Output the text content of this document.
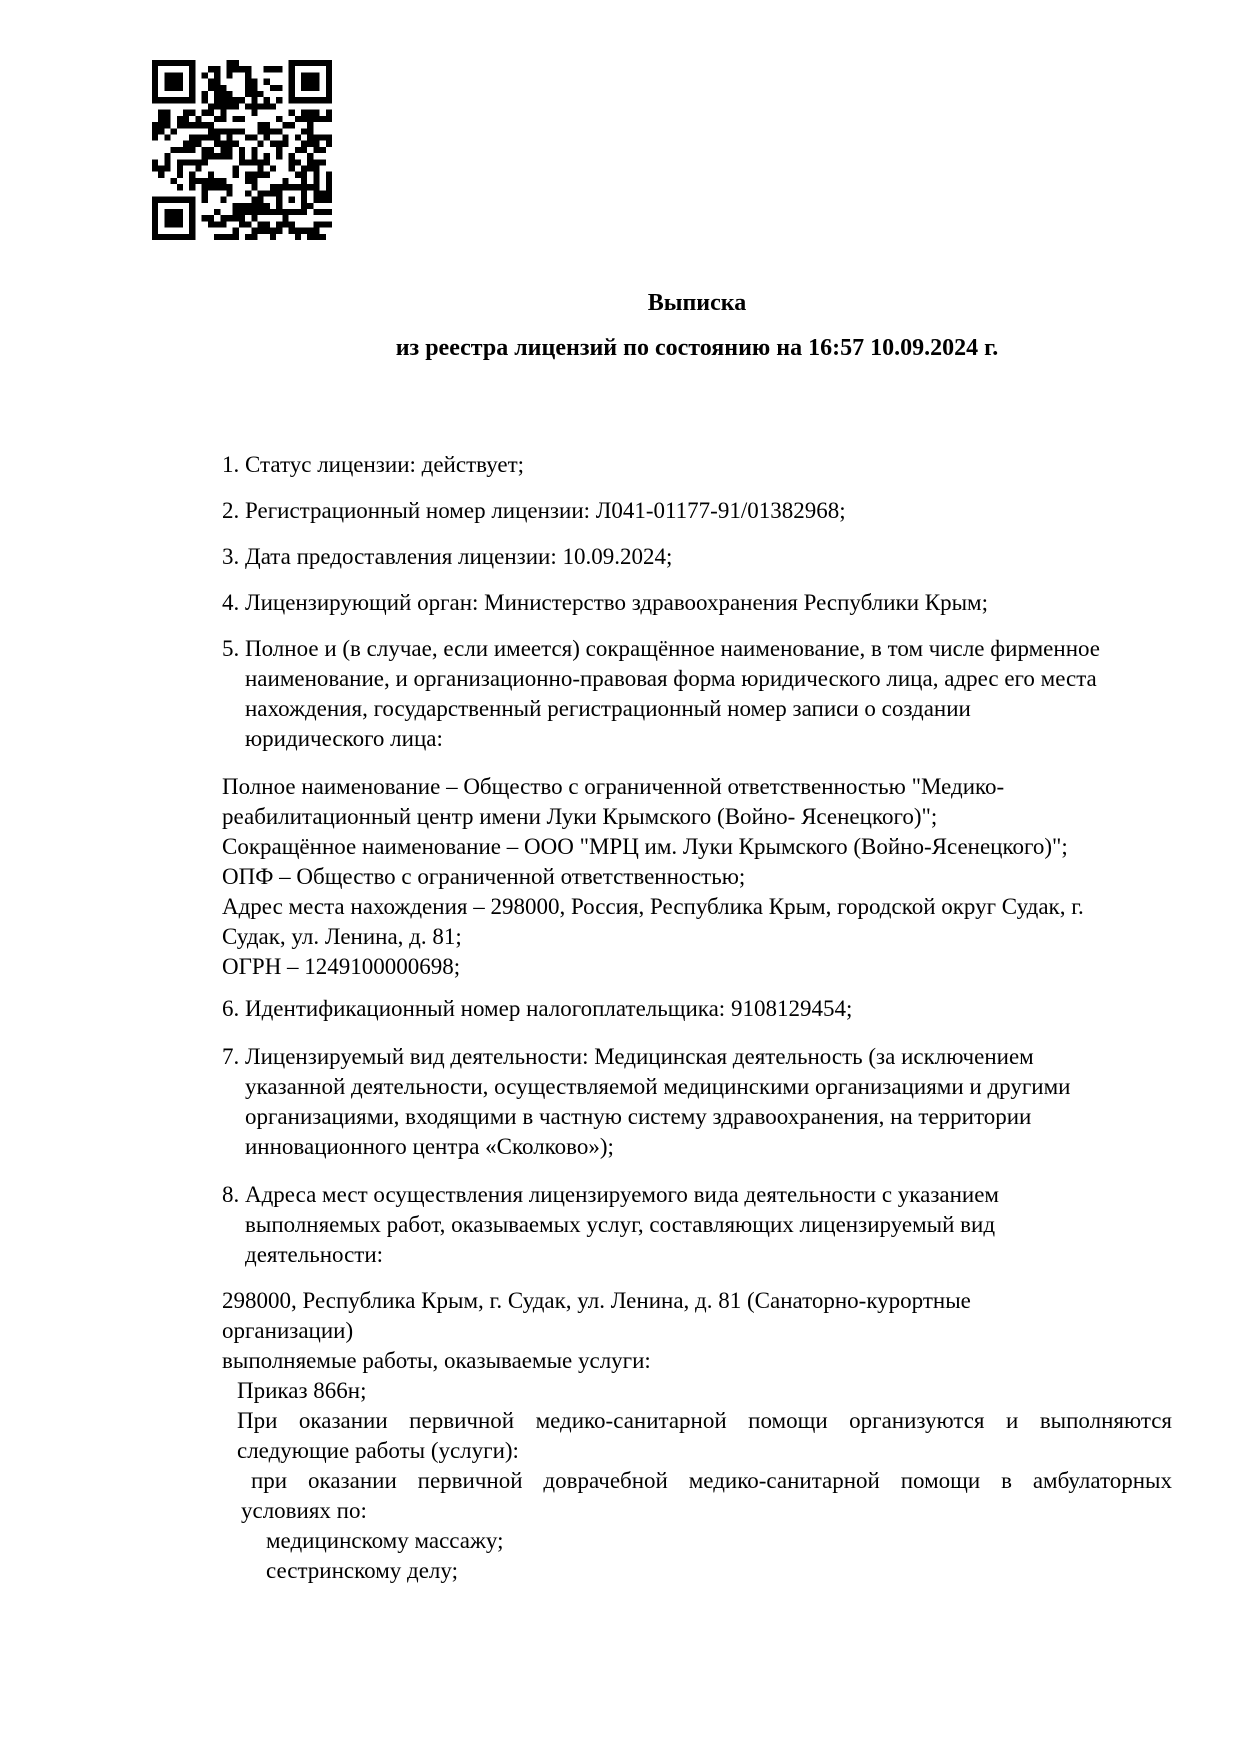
Выписка
из реестра лицензий по состоянию на 16:57 10.09.2024 г.
1. Статус лицензии: действует;
2. Регистрационный номер лицензии: Л041-01177-91/01382968;
3. Дата предоставления лицензии: 10.09.2024;
4. Лицензирующий орган: Министерство здравоохранения Республики Крым;
5. Полное и (в случае, если имеется) сокращённое наименование, в том числе фирменное
наименование, и организационно-правовая форма юридического лица, адрес его места
нахождения, государственный регистрационный номер записи о создании
юридического лица:
Полное наименование – Общество с ограниченной ответственностью "Медико-
реабилитационный центр имени Луки Крымского (Войно- Ясенецкого)";
Сокращённое наименование – ООО "МРЦ им. Луки Крымского (Войно-Ясенецкого)";
ОПФ – Общество с ограниченной ответственностью;
Адрес места нахождения – 298000, Россия, Республика Крым, городской округ Судак, г.
Судак, ул. Ленина, д. 81;
ОГРН – 1249100000698;
6. Идентификационный номер налогоплательщика: 9108129454;
7. Лицензируемый вид деятельности: Медицинская деятельность (за исключением
указанной деятельности, осуществляемой медицинскими организациями и другими
организациями, входящими в частную систему здравоохранения, на территории
инновационного центра «Сколково»);
8. Адреса мест осуществления лицензируемого вида деятельности с указанием
выполняемых работ, оказываемых услуг, составляющих лицензируемый вид
деятельности:
298000, Республика Крым, г. Судак, ул. Ленина, д. 81 (Санаторно-курортные
организации)
выполняемые работы, оказываемые услуги:
Приказ 866н;
При оказании первичной медико-санитарной помощи организуются и выполняются
следующие работы (услуги):
при оказании первичной доврачебной медико-санитарной помощи в амбулаторных
условиях по:
медицинскому массажу;
сестринскому делу;
